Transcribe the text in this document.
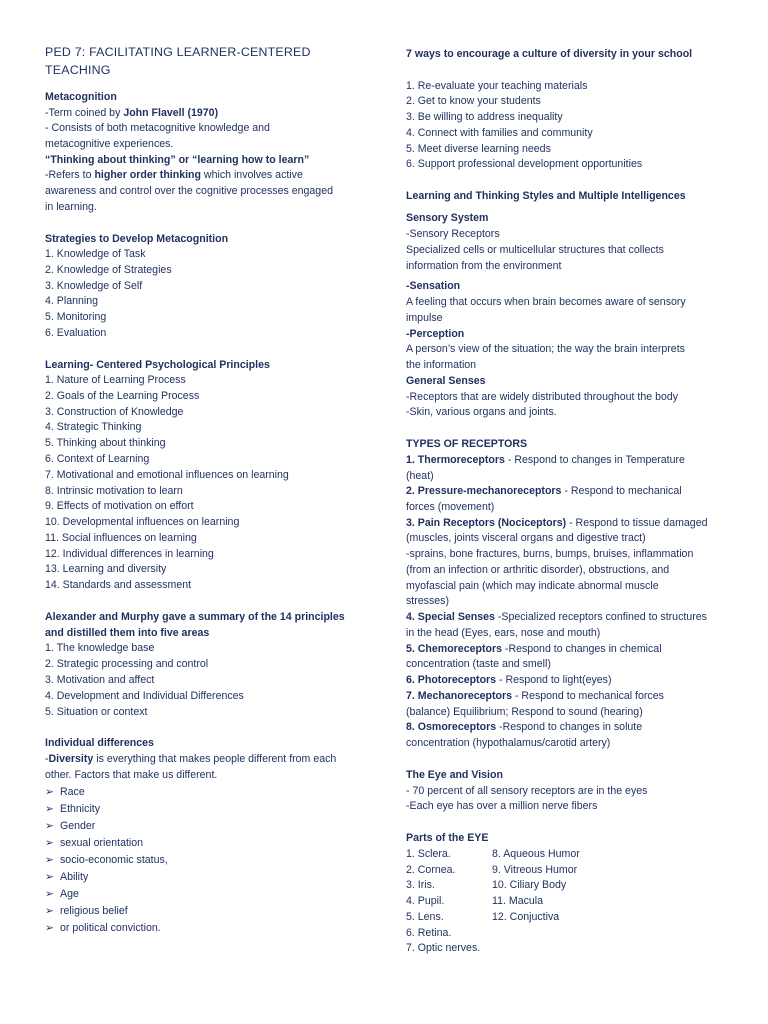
PED 7: FACILITATING LEARNER-CENTERED
TEACHING
Metacognition
-Term coined by John Flavell (1970)
- Consists of both metacognitive knowledge and
metacognitive experiences.
“Thinking about thinking” or “learning how to learn”
-Refers to higher order thinking which involves active
awareness and control over the cognitive processes engaged
in learning.
Strategies to Develop Metacognition
1. Knowledge of Task
2. Knowledge of Strategies
3. Knowledge of Self
4. Planning
5. Monitoring
6. Evaluation
Learning- Centered Psychological Principles
1. Nature of Learning Process
2. Goals of the Learning Process
3. Construction of Knowledge
4. Strategic Thinking
5. Thinking about thinking
6. Context of Learning
7. Motivational and emotional influences on learning
8. Intrinsic motivation to learn
9. Effects of motivation on effort
10. Developmental influences on learning
11. Social influences on learning
12. Individual differences in learning
13. Learning and diversity
14. Standards and assessment
Alexander and Murphy gave a summary of the 14 principles
and distilled them into five areas
1. The knowledge base
2. Strategic processing and control
3. Motivation and affect
4. Development and Individual Differences
5. Situation or context
Individual differences
-Diversity is everything that makes people different from each
other. Factors that make us different.
➢ Race
➢ Ethnicity
➢ Gender
➢ sexual orientation
➢ socio-economic status,
➢ Ability
➢ Age
➢ religious belief
➢ or political conviction.
7 ways to encourage a culture of diversity in your school
1. Re-evaluate your teaching materials
2. Get to know your students
3. Be willing to address inequality
4. Connect with families and community
5. Meet diverse learning needs
6. Support professional development opportunities
Learning and Thinking Styles and Multiple Intelligences
Sensory System
-Sensory Receptors
Specialized cells or multicellular structures that collects
information from the environment
-Sensation
A feeling that occurs when brain becomes aware of sensory
impulse
-Perception
A person’s view of the situation; the way the brain interprets
the information
General Senses
-Receptors that are widely distributed throughout the body
-Skin, various organs and joints.
TYPES OF RECEPTORS
1. Thermoreceptors - Respond to changes in Temperature
(heat)
2. Pressure-mechanoreceptors - Respond to mechanical
forces (movement)
3. Pain Receptors (Nociceptors) - Respond to tissue damaged
(muscles, joints visceral organs and digestive tract)
-sprains, bone fractures, burns, bumps, bruises, inflammation
(from an infection or arthritic disorder), obstructions, and
myofascial pain (which may indicate abnormal muscle
stresses)
4. Special Senses -Specialized receptors confined to structures
in the head (Eyes, ears, nose and mouth)
5. Chemoreceptors -Respond to changes in chemical
concentration (taste and smell)
6. Photoreceptors - Respond to light(eyes)
7. Mechanoreceptors - Respond to mechanical forces
(balance) Equilibrium; Respond to sound (hearing)
8. Osmoreceptors -Respond to changes in solute
concentration (hypothalamus/carotid artery)
The Eye and Vision
- 70 percent of all sensory receptors are in the eyes
-Each eye has over a million nerve fibers
Parts of the EYE
1. Sclera.
2. Cornea.
3. Iris.
4. Pupil.
5. Lens.
6. Retina.
7. Optic nerves.
8. Aqueous Humor
9. Vitreous Humor
10. Ciliary Body
11. Macula
12. Conjuctiva
